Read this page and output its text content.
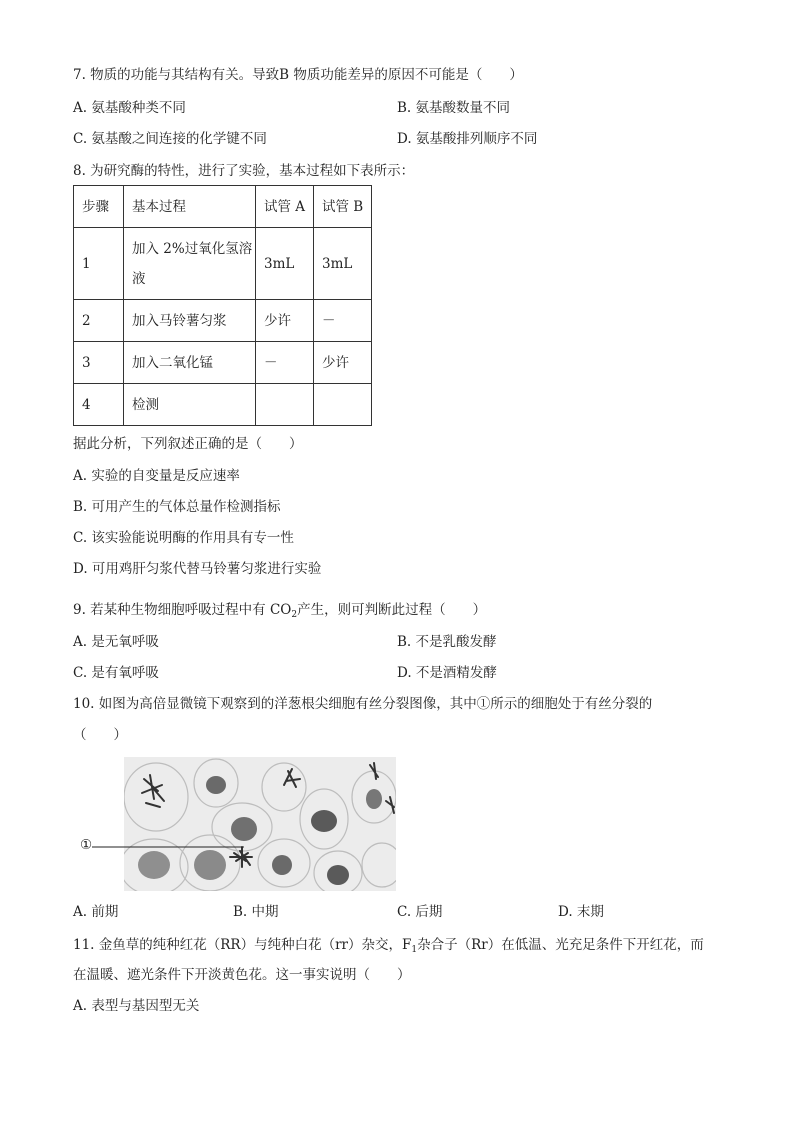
7. 物质的功能与其结构有关。导致B 物质功能差异的原因不可能是（　　）
A. 氨基酸种类不同	B. 氨基酸数量不同
C. 氨基酸之间连接的化学键不同	D. 氨基酸排列顺序不同
8. 为研究酶的特性，进行了实验，基本过程如下表所示：
步骤	基本过程	试管 A	试管 B
1	加入 2%过氧化氢溶液	3mL	3mL
2	加入马铃薯匀浆	少许	－
3	加入二氧化锰	－	少许
4	检测		
据此分析，下列叙述正确的是（　　）
A. 实验的自变量是反应速率
B. 可用产生的气体总量作检测指标
C. 该实验能说明酶的作用具有专一性
D. 可用鸡肝匀浆代替马铃薯匀浆进行实验
9. 若某种生物细胞呼吸过程中有 $CO_2$产生，则可判断此过程（　　）
A. 是无氧呼吸	B. 不是乳酸发酵
C. 是有氧呼吸	D. 不是酒精发酵
10. 如图为高倍显微镜下观察到的洋葱根尖细胞有丝分裂图像，其中①所示的细胞处于有丝分裂的
（　　）
①
A. 前期	B. 中期	C. 后期	D. 末期
11. 金鱼草的纯种红花（RR）与纯种白花（rr）杂交，$F_1$杂合子（Rr）在低温、光充足条件下开红花，而
在温暖、遮光条件下开淡黄色花。这一事实说明（　　）
A. 表型与基因型无关
